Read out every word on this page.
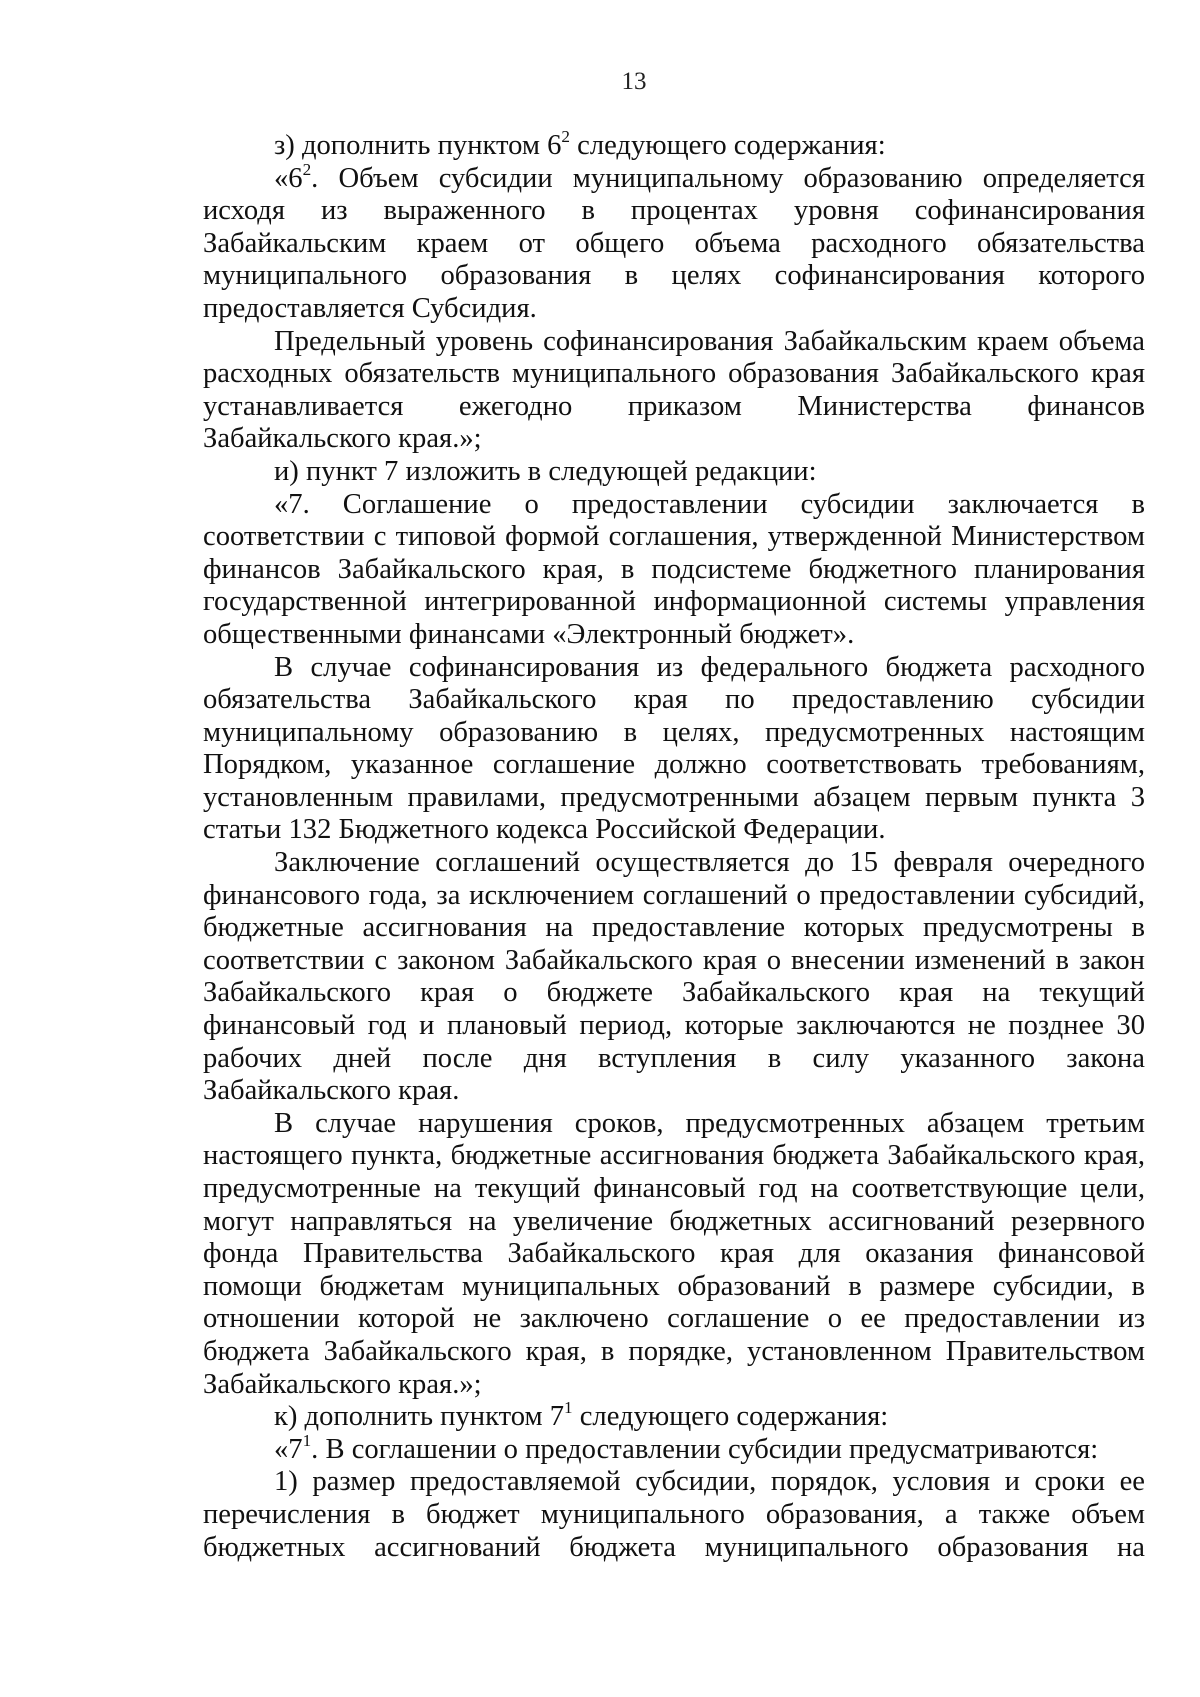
13

з) дополнить пунктом $6^2$ следующего содержания:

«$6^2$. Объем субсидии муниципальному образованию определяется исходя из выраженного в процентах уровня софинансирования Забайкальским краем от общего объема расходного обязательства муниципального образования в целях софинансирования которого предоставляется Субсидия.

Предельный уровень софинансирования Забайкальским краем объема расходных обязательств муниципального образования Забайкальского края устанавливается ежегодно приказом Министерства финансов Забайкальского края.»;

и) пункт 7 изложить в следующей редакции:

«7. Соглашение о предоставлении субсидии заключается в соответствии с типовой формой соглашения, утвержденной Министерством финансов Забайкальского края, в подсистеме бюджетного планирования государственной интегрированной информационной системы управления общественными финансами «Электронный бюджет».

В случае софинансирования из федерального бюджета расходного обязательства Забайкальского края по предоставлению субсидии муниципальному образованию в целях, предусмотренных настоящим Порядком, указанное соглашение должно соответствовать требованиям, установленным правилами, предусмотренными абзацем первым пункта 3 статьи 132 Бюджетного кодекса Российской Федерации.

Заключение соглашений осуществляется до 15 февраля очередного финансового года, за исключением соглашений о предоставлении субсидий, бюджетные ассигнования на предоставление которых предусмотрены в соответствии с законом Забайкальского края о внесении изменений в закон Забайкальского края о бюджете Забайкальского края на текущий финансовый год и плановый период, которые заключаются не позднее 30 рабочих дней после дня вступления в силу указанного закона Забайкальского края.

В случае нарушения сроков, предусмотренных абзацем третьим настоящего пункта, бюджетные ассигнования бюджета Забайкальского края, предусмотренные на текущий финансовый год на соответствующие цели, могут направляться на увеличение бюджетных ассигнований резервного фонда Правительства Забайкальского края для оказания финансовой помощи бюджетам муниципальных образований в размере субсидии, в отношении которой не заключено соглашение о ее предоставлении из бюджета Забайкальского края, в порядке, установленном Правительством Забайкальского края.»;

к) дополнить пунктом $7^1$ следующего содержания:

«$7^1$. В соглашении о предоставлении субсидии предусматриваются:

1) размер предоставляемой субсидии, порядок, условия и сроки ее перечисления в бюджет муниципального образования, а также объем бюджетных ассигнований бюджета муниципального образования на
